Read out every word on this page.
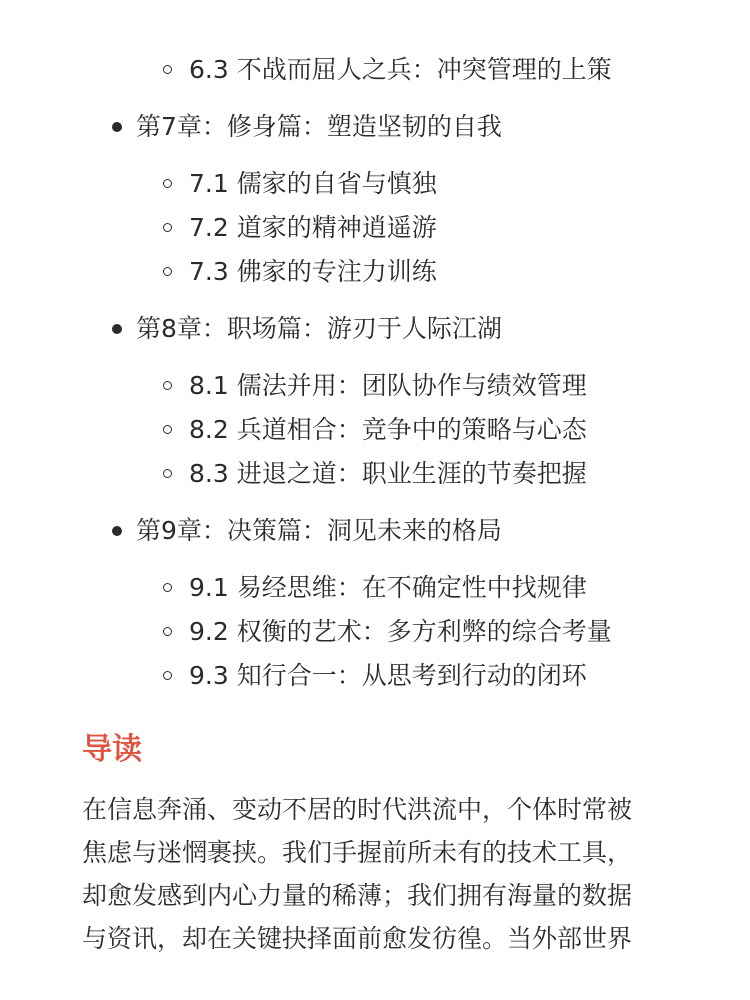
6.3 不战而屈人之兵：冲突管理的上策
第7章：修身篇：塑造坚韧的自我
7.1 儒家的自省与慎独
7.2 道家的精神逍遥游
7.3 佛家的专注力训练
第8章：职场篇：游刃于人际江湖
8.1 儒法并用：团队协作与绩效管理
8.2 兵道相合：竞争中的策略与心态
8.3 进退之道：职业生涯的节奏把握
第9章：决策篇：洞见未来的格局
9.1 易经思维：在不确定性中找规律
9.2 权衡的艺术：多方利弊的综合考量
9.3 知行合一：从思考到行动的闭环
导读

在信息奔涌、变动不居的时代洪流中，个体时常被
焦虑与迷惘裹挟。我们手握前所未有的技术工具，
却愈发感到内心力量的稀薄；我们拥有海量的数据
与资讯，却在关键抉择面前愈发彷徨。当外部世界
